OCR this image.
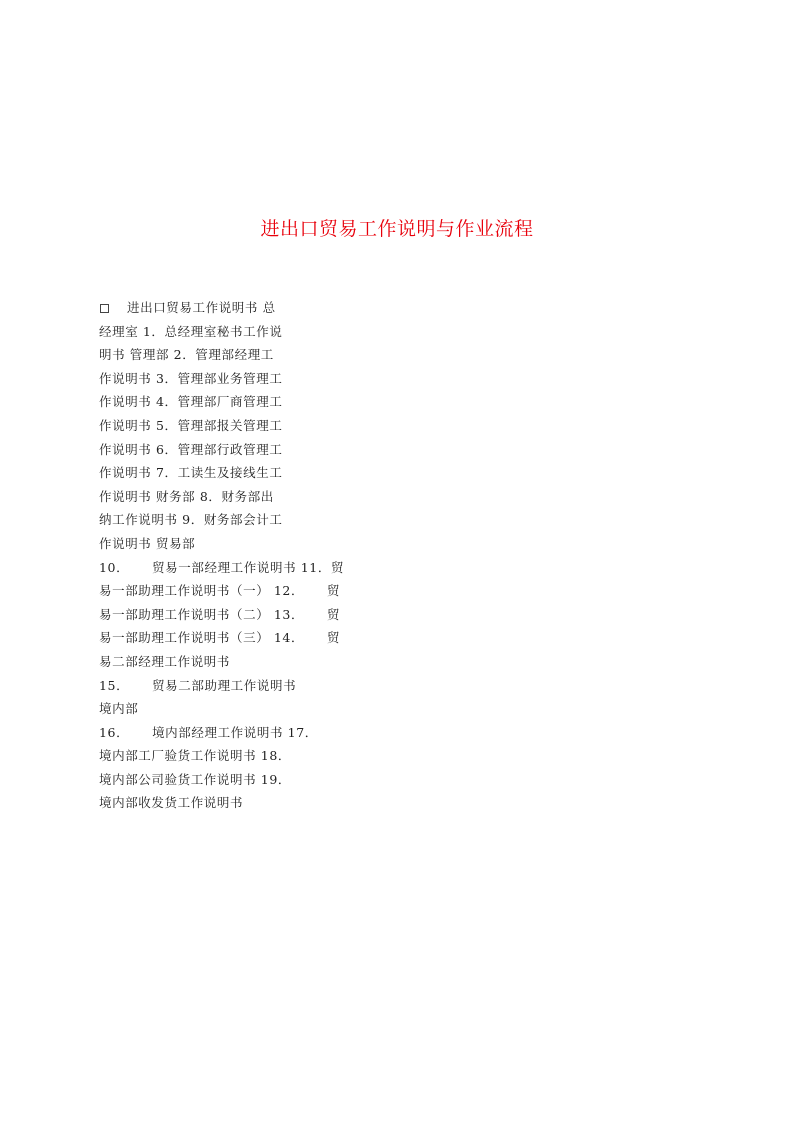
进出口贸易工作说明与作业流程
进出口贸易工作说明书 总
经理室 1．总经理室秘书工作说
明书 管理部 2．管理部经理工
作说明书 3．管理部业务管理工
作说明书 4．管理部厂商管理工
作说明书 5．管理部报关管理工
作说明书 6．管理部行政管理工
作说明书 7．工读生及接线生工
作说明书 财务部 8．财务部出
纳工作说明书 9．财务部会计工
作说明书 贸易部
10．     贸易一部经理工作说明书 11．贸
易一部助理工作说明书（一） 12．     贸
易一部助理工作说明书（二） 13．     贸
易一部助理工作说明书（三） 14．     贸
易二部经理工作说明书
15．     贸易二部助理工作说明书
境内部
16．     境内部经理工作说明书 17．
境内部工厂验货工作说明书 18．
境内部公司验货工作说明书 19．
境内部收发货工作说明书
